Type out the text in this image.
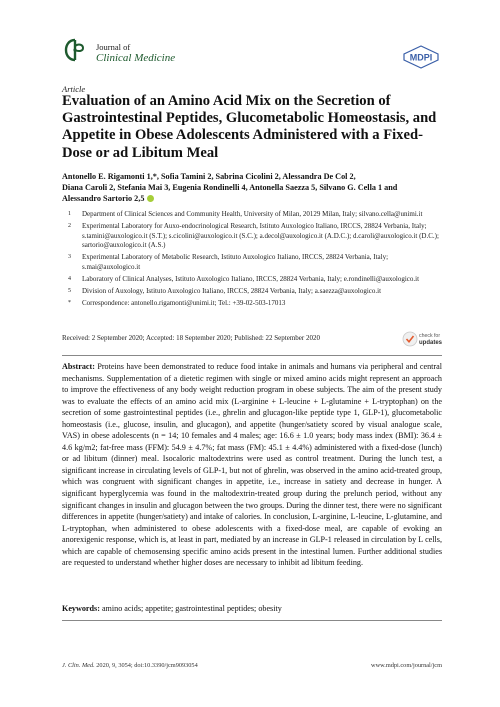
Journal of
Clinical Medicine	MDPI
Article
Evaluation of an Amino Acid Mix on the Secretion of Gastrointestinal Peptides, Glucometabolic Homeostasis, and Appetite in Obese Adolescents Administered with a Fixed-Dose or ad Libitum Meal
Antonello E. Rigamonti 1,*, Sofia Tamini 2, Sabrina Cicolini 2, Alessandra De Col 2,
Diana Caroli 2, Stefania Mai 3, Eugenia Rondinelli 4, Antonella Saezza 5, Silvano G. Cella 1 and
Alessandro Sartorio 2,5
1 Department of Clinical Sciences and Community Health, University of Milan, 20129 Milan, Italy; silvano.cella@unimi.it
2 Experimental Laboratory for Auxo-endocrinological Research, Istituto Auxologico Italiano, IRCCS, 28824 Verbania, Italy; s.tamini@auxologico.it (S.T.); s.cicolini@auxologico.it (S.C.); a.decol@auxologico.it (A.D.C.); d.caroli@auxologico.it (D.C.); sartorio@auxologico.it (A.S.)
3 Experimental Laboratory of Metabolic Research, Istituto Auxologico Italiano, IRCCS, 28824 Verbania, Italy; s.mai@auxologico.it
4 Laboratory of Clinical Analyses, Istituto Auxologico Italiano, IRCCS, 28824 Verbania, Italy; e.rondinelli@auxologico.it
5 Division of Auxology, Istituto Auxologico Italiano, IRCCS, 28824 Verbania, Italy; a.saezza@auxologico.it
* Correspondence: antonello.rigamonti@unimi.it; Tel.: +39-02-503-17013
Received: 2 September 2020; Accepted: 18 September 2020; Published: 22 September 2020	check for
updates
Abstract: Proteins have been demonstrated to reduce food intake in animals and humans via peripheral and central mechanisms. Supplementation of a dietetic regimen with single or mixed amino acids might represent an approach to improve the effectiveness of any body weight reduction program in obese subjects. The aim of the present study was to evaluate the effects of an amino acid mix (L-arginine + L-leucine + L-glutamine + L-tryptophan) on the secretion of some gastrointestinal peptides (i.e., ghrelin and glucagon-like peptide type 1, GLP-1), glucometabolic homeostasis (i.e., glucose, insulin, and glucagon), and appetite (hunger/satiety scored by visual analogue scale, VAS) in obese adolescents (n = 14; 10 females and 4 males; age: 16.6 ± 1.0 years; body mass index (BMI): 36.4 ± 4.6 kg/m2; fat-free mass (FFM): 54.9 ± 4.7%; fat mass (FM): 45.1 ± 4.4%) administered with a fixed-dose (lunch) or ad libitum (dinner) meal. Isocaloric maltodextrins were used as control treatment. During the lunch test, a significant increase in circulating levels of GLP-1, but not of ghrelin, was observed in the amino acid-treated group, which was congruent with significant changes in appetite, i.e., increase in satiety and decrease in hunger. A significant hyperglycemia was found in the maltodextrin-treated group during the prelunch period, without any significant changes in insulin and glucagon between the two groups. During the dinner test, there were no significant differences in appetite (hunger/satiety) and intake of calories. In conclusion, L-arginine, L-leucine, L-glutamine, and L-tryptophan, when administered to obese adolescents with a fixed-dose meal, are capable of evoking an anorexigenic response, which is, at least in part, mediated by an increase in GLP-1 released in circulation by L cells, which are capable of chemosensing specific amino acids present in the intestinal lumen. Further additional studies are requested to understand whether higher doses are necessary to inhibit ad libitum feeding.
Keywords: amino acids; appetite; gastrointestinal peptides; obesity
J. Clin. Med. 2020, 9, 3054; doi:10.3390/jcm9093054	www.mdpi.com/journal/jcm
